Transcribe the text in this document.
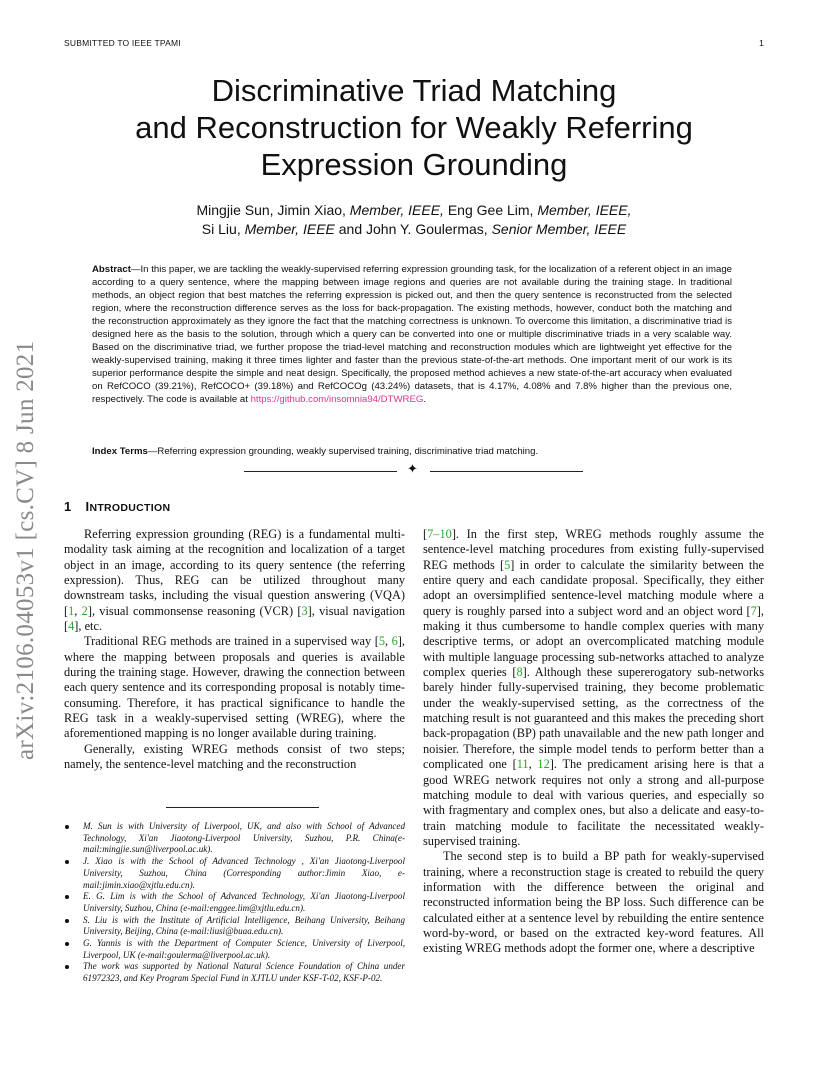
SUBMITTED TO IEEE TPAMI	1
arXiv:2106.04053v1 [cs.CV] 8 Jun 2021
Discriminative Triad Matching
and Reconstruction for Weakly Referring
Expression Grounding
Mingjie Sun, Jimin Xiao, Member, IEEE, Eng Gee Lim, Member, IEEE,
Si Liu, Member, IEEE and John Y. Goulermas, Senior Member, IEEE
Abstract—In this paper, we are tackling the weakly-supervised referring expression grounding task, for the localization of a referent object in an image according to a query sentence, where the mapping between image regions and queries are not available during the training stage. In traditional methods, an object region that best matches the referring expression is picked out, and then the query sentence is reconstructed from the selected region, where the reconstruction difference serves as the loss for back-propagation. The existing methods, however, conduct both the matching and the reconstruction approximately as they ignore the fact that the matching correctness is unknown. To overcome this limitation, a discriminative triad is designed here as the basis to the solution, through which a query can be converted into one or multiple discriminative triads in a very scalable way. Based on the discriminative triad, we further propose the triad-level matching and reconstruction modules which are lightweight yet effective for the weakly-supervised training, making it three times lighter and faster than the previous state-of-the-art methods. One important merit of our work is its superior performance despite the simple and neat design. Specifically, the proposed method achieves a new state-of-the-art accuracy when evaluated on RefCOCO (39.21%), RefCOCO+ (39.18%) and RefCOCOg (43.24%) datasets, that is 4.17%, 4.08% and 7.8% higher than the previous one, respectively. The code is available at https://github.com/insomnia94/DTWREG.
Index Terms—Referring expression grounding, weakly supervised training, discriminative triad matching.
✦
1 INTRODUCTION

Referring expression grounding (REG) is a fundamental multi-modality task aiming at the recognition and localization of a target object in an image, according to its query sentence (the referring expression). Thus, REG can be utilized throughout many downstream tasks, including the visual question answering (VQA) [1, 2], visual commonsense reasoning (VCR) [3], visual navigation [4], etc.

Traditional REG methods are trained in a supervised way [5, 6], where the mapping between proposals and queries is available during the training stage. However, drawing the connection between each query sentence and its corresponding proposal is notably time-consuming. Therefore, it has practical significance to handle the REG task in a weakly-supervised setting (WREG), where the aforementioned mapping is no longer available during training.

Generally, existing WREG methods consist of two steps; namely, the sentence-level matching and the reconstruction

M. Sun is with University of Liverpool, UK, and also with School of Advanced Technology, Xi'an Jiaotong-Liverpool University, Suzhou, P.R. China(e-mail:mingjie.sun@liverpool.ac.uk).
J. Xiao is with the School of Advanced Technology , Xi'an Jiaotong-Liverpool University, Suzhou, China (Corresponding author:Jimin Xiao, e-mail:jimin.xiao@xjtlu.edu.cn).
E. G. Lim is with the School of Advanced Technology, Xi'an Jiaotong-Liverpool University, Suzhou, China (e-mail:enggee.lim@xjtlu.edu.cn).
S. Liu is with the Institute of Artificial Intelligence, Beihang University, Beihang University, Beijing, China (e-mail:liusi@buaa.edu.cn).
G. Yannis is with the Department of Computer Science, University of Liverpool, Liverpool, UK (e-mail:goulerma@liverpool.ac.uk).
The work was supported by National Natural Science Foundation of China under 61972323, and Key Program Special Fund in XJTLU under KSF-T-02, KSF-P-02.

[7–10]. In the first step, WREG methods roughly assume the sentence-level matching procedures from existing fully-supervised REG methods [5] in order to calculate the similarity between the entire query and each candidate proposal. Specifically, they either adopt an oversimplified sentence-level matching module where a query is roughly parsed into a subject word and an object word [7], making it thus cumbersome to handle complex queries with many descriptive terms, or adopt an overcomplicated matching module with multiple language processing sub-networks attached to analyze complex queries [8]. Although these supererogatory sub-networks barely hinder fully-supervised training, they become problematic under the weakly-supervised setting, as the correctness of the matching result is not guaranteed and this makes the preceding short back-propagation (BP) path unavailable and the new path longer and noisier. Therefore, the simple model tends to perform better than a complicated one [11, 12]. The predicament arising here is that a good WREG network requires not only a strong and all-purpose matching module to deal with various queries, and especially so with fragmentary and complex ones, but also a delicate and easy-to-train matching module to facilitate the necessitated weakly-supervised training.

The second step is to build a BP path for weakly-supervised training, where a reconstruction stage is created to rebuild the query information with the difference between the original and reconstructed information being the BP loss. Such difference can be calculated either at a sentence level by rebuilding the entire sentence word-by-word, or based on the extracted key-word features. All existing WREG methods adopt the former one, where a descriptive
